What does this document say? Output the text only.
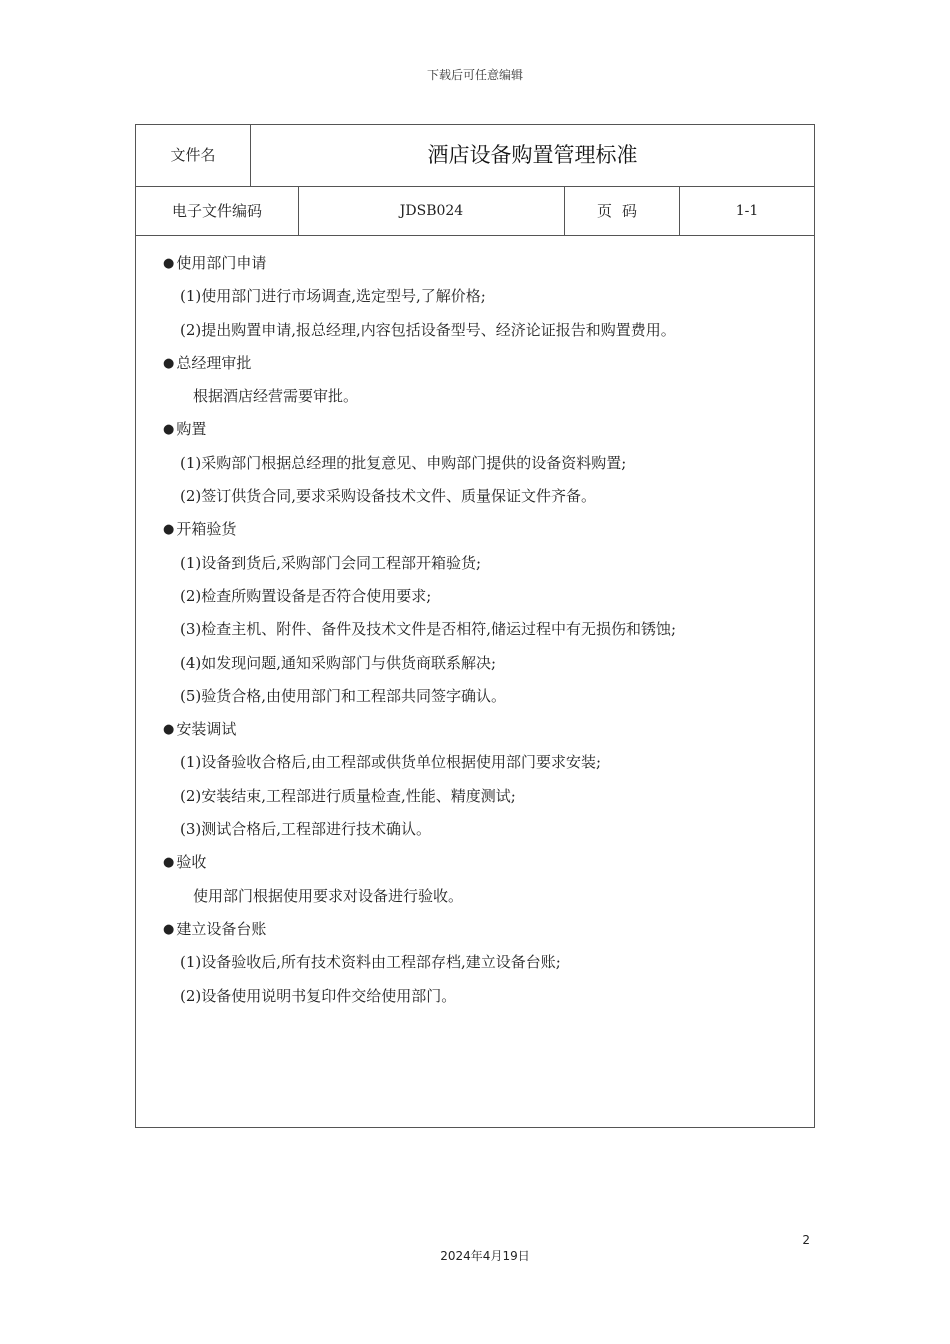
下载后可任意编辑
文件名	酒店设备购置管理标准
电子文件编码	JDSB024	页码	1-1
● 使用部门申请
(1)使用部门进行市场调查,选定型号,了解价格;
(2)提出购置申请,报总经理,内容包括设备型号、经济论证报告和购置费用。
● 总经理审批
根据酒店经营需要审批。
● 购置
(1)采购部门根据总经理的批复意见、申购部门提供的设备资料购置;
(2)签订供货合同,要求采购设备技术文件、质量保证文件齐备。
● 开箱验货
(1)设备到货后,采购部门会同工程部开箱验货;
(2)检查所购置设备是否符合使用要求;
(3)检查主机、附件、备件及技术文件是否相符,储运过程中有无损伤和锈蚀;
(4)如发现问题,通知采购部门与供货商联系解决;
(5)验货合格,由使用部门和工程部共同签字确认。
● 安装调试
(1)设备验收合格后,由工程部或供货单位根据使用部门要求安装;
(2)安装结束,工程部进行质量检查,性能、精度测试;
(3)测试合格后,工程部进行技术确认。
● 验收
使用部门根据使用要求对设备进行验收。
● 建立设备台账
(1)设备验收后,所有技术资料由工程部存档,建立设备台账;
(2)设备使用说明书复印件交给使用部门。
2
2024年4月19日
